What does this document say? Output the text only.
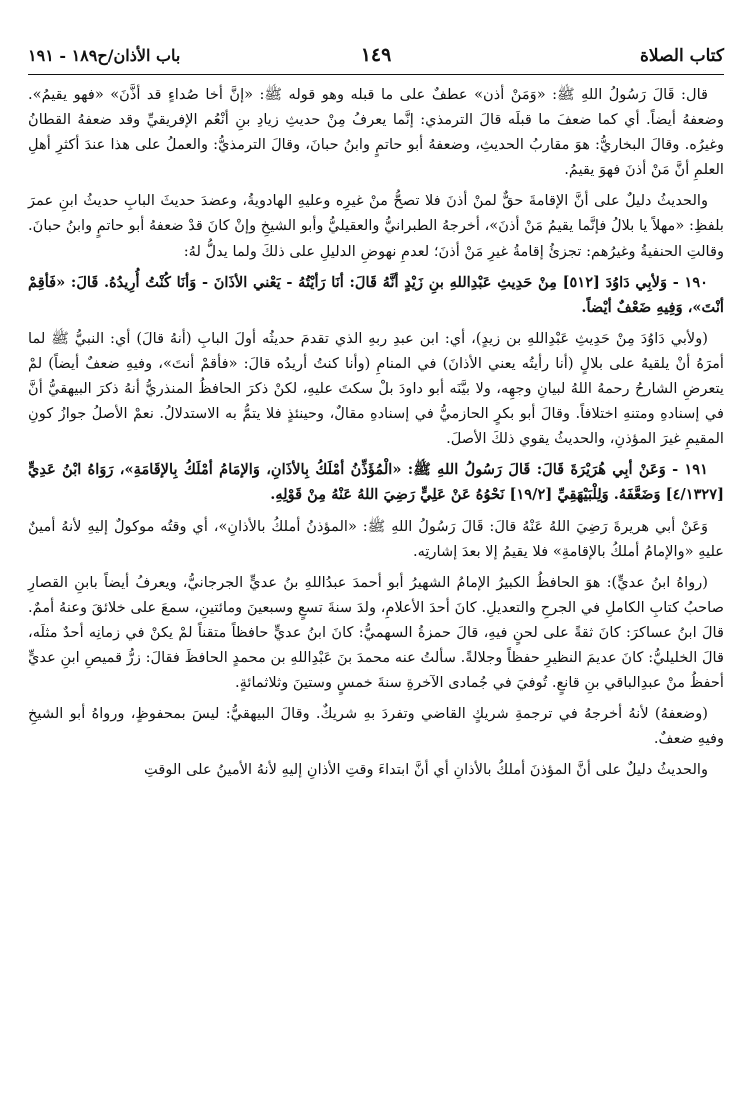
كتاب الصلاة
١٤٩
باب الأذان/ح١٨٩ - ١٩١

قال: قَالَ رَسُولُ اللهِ ﷺ: «وَمَنْ أذن» عطفٌ على ما قبله وهو قوله ﷺ: «إنَّ أخا صُداءٍ قد أذَّنَ» «فهو يقيمُ». وضعفهُ أيضاً. أي كما ضعفَ ما قبلَه قالَ الترمذي: إنَّما يعرفُ مِنْ حديثِ زيادِ بنِ أنْعُم الإفريقيِّ وقد ضعفهُ القطانُ وغيرُه. وقالَ البخاريُّ: هوَ مقاربُ الحديثِ، وضعفهُ أبو حاتمٍ وابنُ حبانَ، وقالَ الترمذيُّ: والعملُ على هذا عندَ أكثرِ أهلِ العلمِ أنَّ مَنْ أذنَ فهوَ يقيمُ.

والحديثُ دليلٌ على أنَّ الإقامةَ حقٌّ لمنْ أذنَ فلا تصحُّ منْ غيرِه وعليهِ الهادويةُ، وعضدَ حديثَ البابِ حديثُ ابنِ عمرَ بلفظِ: «مهلاً يا بلالُ فإنَّما يقيمُ مَنْ أذنَ»، أخرجهُ الطبرانيُّ والعقيليُّ وأبو الشيخِ وإنْ كانَ قدْ ضعفهُ أبو حاتمٍ وابنُ حبانَ. وقالتِ الحنفيةُ وغيرُهم: تجزئُ إقامةُ غيرِ مَنْ أذنَ؛ لعدمِ نهوضِ الدليلِ على ذلكَ ولما يدلُّ لهُ:

١٩٠ - وَلأبِي دَاوُدَ [٥١٢] مِنْ حَدِيثِ عَبْدِاللهِ بنِ زَيْدٍ أنَّهُ قَالَ: أنَا رَأيْتُهُ - يَعْني الأذَانَ - وَأنَا كُنْتُ أُرِيدُهُ. قَالَ: «فَأقِمْ أنْتَ»، وَفِيهِ ضَعْفٌ أيْضاً.

(ولأبي دَاوُدَ مِنْ حَدِيثِ عَبْدِاللهِ بن زيدٍ)، أي: ابن عبدِ ربهِ الذي تقدمَ حديثُه أولَ البابِ (أنهُ قالَ) أي: النبيُّ ﷺ لما أمرَهُ أنْ يلقيهُ على بلالٍ (أنا رأيتُه يعني الأذانَ) في المنامِ (وأنا كنتُ أريدُه قالَ: «فأقمْ أنتَ»، وفيهِ ضعفٌ أيضاً) لمْ يتعرضِ الشارحُ رحمهُ اللهُ لبيانِ وجهِه، ولا بيَّنَه أبو داودَ بلْ سكتَ عليهِ، لكنْ ذكرَ الحافظُ المنذريُّ أنهُ ذكرَ البيهقيُّ أنَّ في إسنادهِ ومتنهِ اختلافاً. وقالَ أبو بكرٍ الحازميُّ في إسنادهِ مقالٌ، وحينئذٍ فلا يتمُّ به الاستدلالُ. نعمْ الأصلُ جوازُ كونِ المقيمِ غيرَ المؤذنِ، والحديثُ يقوي ذلكَ الأصلَ.

١٩١ - وَعَنْ أبِي هُرَيْرَةَ قَالَ: قَالَ رَسُولُ اللهِ ﷺ: «الْمُؤَذِّنُ أمْلَكُ بِالأذَانِ، وَالإمَامُ أمْلَكُ بِالإقَامَةِ»، رَوَاهُ ابْنُ عَدِيٍّ [٤/١٣٢٧] وَضَعَّفَهُ. وَلِلْبَيْهَقِيِّ [١٩/٢] نَحْوُهُ عَنْ عَلِيٍّ رَضِيَ اللهُ عَنْهُ مِنْ قَوْلِهِ.

وَعَنْ أبي هريرةَ رَضِيَ اللهُ عَنْهُ قالَ: قَالَ رَسُولُ اللهِ ﷺ: «المؤذنُ أملكُ بالأذانِ»، أي وقتُه موكولٌ إليهِ لأنهُ أمينٌ عليهِ «والإمامُ أملكُ بالإقامةِ» فلا يقيمُ إلا بعدَ إشارتِه.

(رواهُ ابنُ عديٍّ): هوَ الحافظُ الكبيرُ الإمامُ الشهيرُ أبو أحمدَ عبدُاللهِ بنُ عديٍّ الجرجانيُّ، ويعرفُ أيضاً بابنِ القصارِ صاحبُ كتابِ الكاملِ في الجرحِ والتعديلِ. كانَ أحدَ الأعلامِ، ولدَ سنةَ تسعٍ وسبعينَ ومائتينِ، سمعَ على خلائقَ وعنهُ أممٌ. قالَ ابنُ عساكرَ: كانَ ثقةً على لحنٍ فيهِ، قالَ حمزةُ السهميُّ: كانَ ابنُ عديٍّ حافظاً متقناً لمْ يكنْ في زمانِه أحدٌ مثلَه، قالَ الخليليُّ: كانَ عديمَ النظيرِ حفظاً وجلالةً. سألتُ عنه محمدَ بنَ عَبْدِاللهِ بن محمدٍ الحافظَ فقالَ: زرُّ قميصِ ابنِ عديٍّ أحفظُ منْ عبدِالباقي بنِ قانعٍ. تُوفيَ في جُمادى الآخرةِ سنةَ خمسٍ وستينَ وثلاثمائةٍ.

(وضعفهُ) لأنهُ أخرجهُ في ترجمةِ شريكٍ القاضي وتفردَ بهِ شريكٌ. وقالَ البيهقيُّ: ليسَ بمحفوظٍ، ورواهُ أبو الشيخِ وفيهِ ضعفٌ.

والحديثُ دليلٌ على أنَّ المؤذنَ أملكُ بالأذانِ أي أنَّ ابتداءَ وقتِ الأذانِ إليهِ لأنهُ الأمينُ على الوقتِ
